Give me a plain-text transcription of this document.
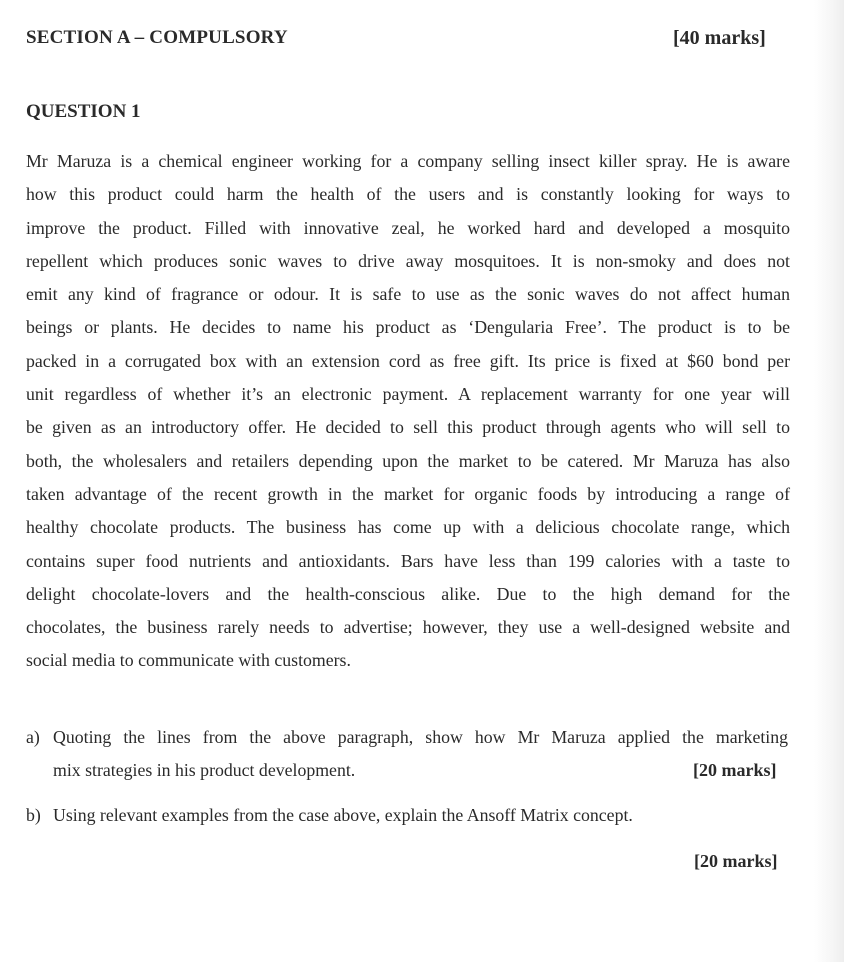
SECTION A – COMPULSORY	[40 marks]
QUESTION 1
Mr Maruza is a chemical engineer working for a company selling insect killer spray. He is aware
how this product could harm the health of the users and is constantly looking for ways to
improve the product. Filled with innovative zeal, he worked hard and developed a mosquito
repellent which produces sonic waves to drive away mosquitoes. It is non-smoky and does not
emit any kind of fragrance or odour. It is safe to use as the sonic waves do not affect human
beings or plants. He decides to name his product as ‘Dengularia Free’. The product is to be
packed in a corrugated box with an extension cord as free gift. Its price is fixed at $60 bond per
unit regardless of whether it’s an electronic payment. A replacement warranty for one year will
be given as an introductory offer. He decided to sell this product through agents who will sell to
both, the wholesalers and retailers depending upon the market to be catered. Mr Maruza has also
taken advantage of the recent growth in the market for organic foods by introducing a range of
healthy chocolate products. The business has come up with a delicious chocolate range, which
contains super food nutrients and antioxidants. Bars have less than 199 calories with a taste to
delight chocolate-lovers and the health-conscious alike. Due to the high demand for the
chocolates, the business rarely needs to advertise; however, they use a well-designed website and
social media to communicate with customers.
a) Quoting the lines from the above paragraph, show how Mr Maruza applied the marketing
mix strategies in his product development.	[20 marks]
b) Using relevant examples from the case above, explain the Ansoff Matrix concept.
[20 marks]
